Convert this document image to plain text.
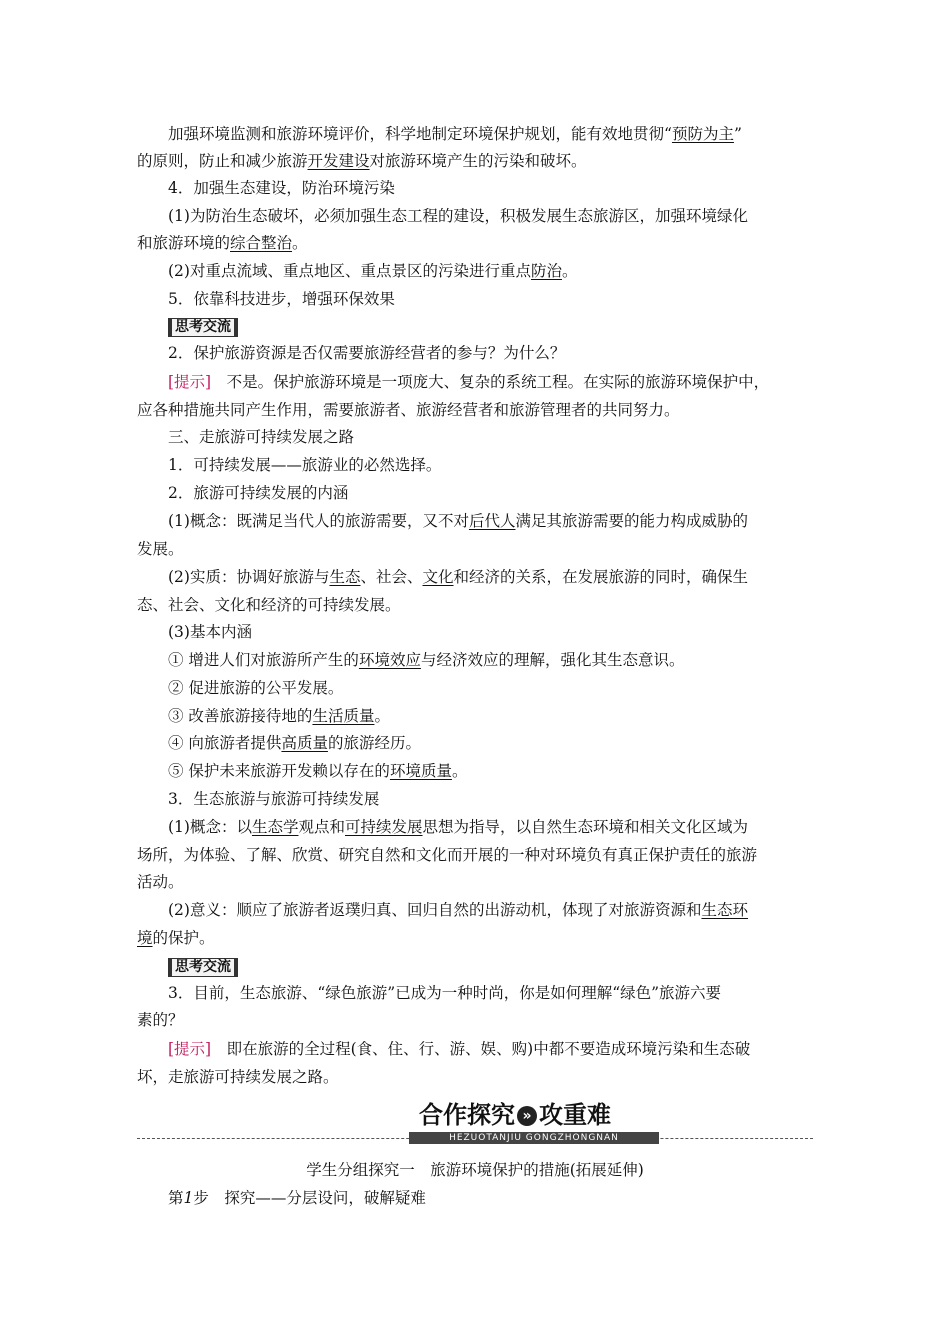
加强环境监测和旅游环境评价，科学地制定环境保护规划，能有效地贯彻“预防为主”
的原则，防止和减少旅游开发建设对旅游环境产生的污染和破坏。
4．加强生态建设，防治环境污染
(1)为防治生态破坏，必须加强生态工程的建设，积极发展生态旅游区，加强环境绿化
和旅游环境的综合整治。
(2)对重点流域、重点地区、重点景区的污染进行重点防治。
5．依靠科技进步，增强环保效果
思考交流
2．保护旅游资源是否仅需要旅游经营者的参与？为什么？
[提示]　 不是。保护旅游环境是一项庞大、复杂的系统工程。在实际的旅游环境保护中，
应各种措施共同产生作用，需要旅游者、旅游经营者和旅游管理者的共同努力。
三、走旅游可持续发展之路
1．可持续发展——旅游业的必然选择。
2．旅游可持续发展的内涵
(1)概念：既满足当代人的旅游需要，又不对后代人满足其旅游需要的能力构成威胁的
发展。
(2)实质：协调好旅游与生态、社会、文化和经济的关系，在发展旅游的同时，确保生
态、社会、文化和经济的可持续发展。
(3)基本内涵
① 增进人们对旅游所产生的环境效应与经济效应的理解，强化其生态意识。
② 促进旅游的公平发展。
③ 改善旅游接待地的生活质量。
④ 向旅游者提供高质量的旅游经历。
⑤ 保护未来旅游开发赖以存在的环境质量。
3．生态旅游与旅游可持续发展
(1)概念：以生态学观点和可持续发展思想为指导，以自然生态环境和相关文化区域为
场所，为体验、了解、欣赏、研究自然和文化而开展的一种对环境负有真正保护责任的旅游
活动。
(2)意义：顺应了旅游者返璞归真、回归自然的出游动机，体现了对旅游资源和生态环
境的保护。
思考交流
3．目前，生态旅游、“绿色旅游”已成为一种时尚，你是如何理解“绿色”旅游六要
素的？
[提示]　 即在旅游的全过程(食、住、行、游、娱、购)中都不要造成环境污染和生态破
坏，走旅游可持续发展之路。
合作探究 » 攻重难
HEZUOTANJIU GONGZHONGNAN
学生分组探究一　旅游环境保护的措施(拓展延伸)
第1步　探究——分层设问，破解疑难
